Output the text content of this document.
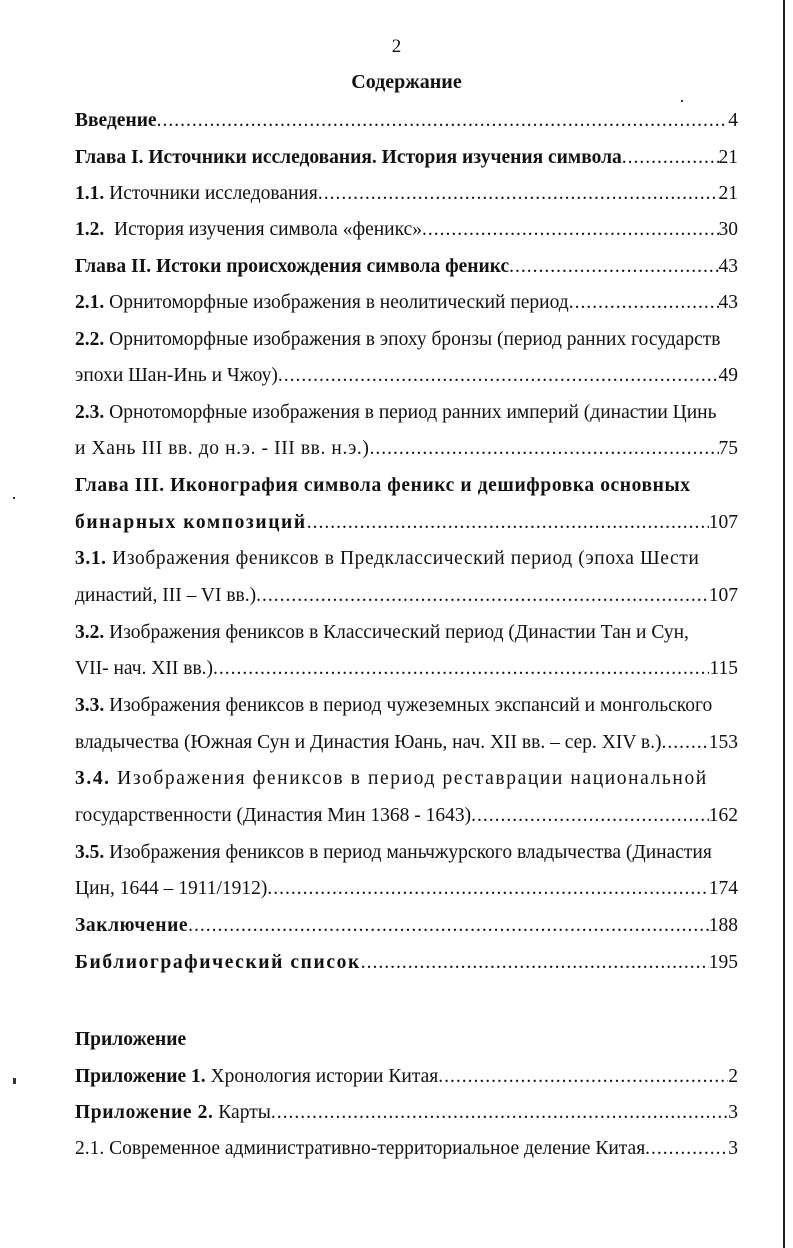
2
Содержание
Введение .....	4
Глава I. Источники исследования. История изучения символа .....	21
1.1. Источники исследования .....	21
1.2. История изучения символа «феникс» .....	30
Глава II. Истоки происхождения символа феникс .....	43
2.1. Орнитоморфные изображения в неолитический период .....	43
2.2. Орнитоморфные изображения в эпоху бронзы (период ранних государств
эпохи Шан-Инь и Чжоу) .....	49
2.3. Орнотоморфные изображения в период ранних империй (династии Цинь
и Хань III вв. до н.э. - III вв. н.э.) .....	75
Глава III. Иконография символа феникс и дешифровка основных
бинарных композиций .....	107
3.1. Изображения фениксов в Предклассический период (эпоха Шести
династий, III – VI вв.) .....	107
3.2. Изображения фениксов в Классический период (Династии Тан и Сун,
VII- нач. XII вв.) .....	115
3.3. Изображения фениксов в период чужеземных экспансий и монгольского
владычества (Южная Сун и Династия Юань, нач. XII вв. – сер. XIV в.) ..... 153
3.4. Изображения фениксов в период реставрации национальной
государственности (Династия Мин 1368 - 1643) .....	162
3.5. Изображения фениксов в период маньчжурского владычества (Династия
Цин, 1644 – 1911/1912) .....	174
Заключение .....	188
Библиографический список .....	195
Приложение
Приложение 1. Хронология истории Китая .....	2
Приложение 2. Карты .....	3
2.1. Современное административно-территориальное деление Китая .....	3
